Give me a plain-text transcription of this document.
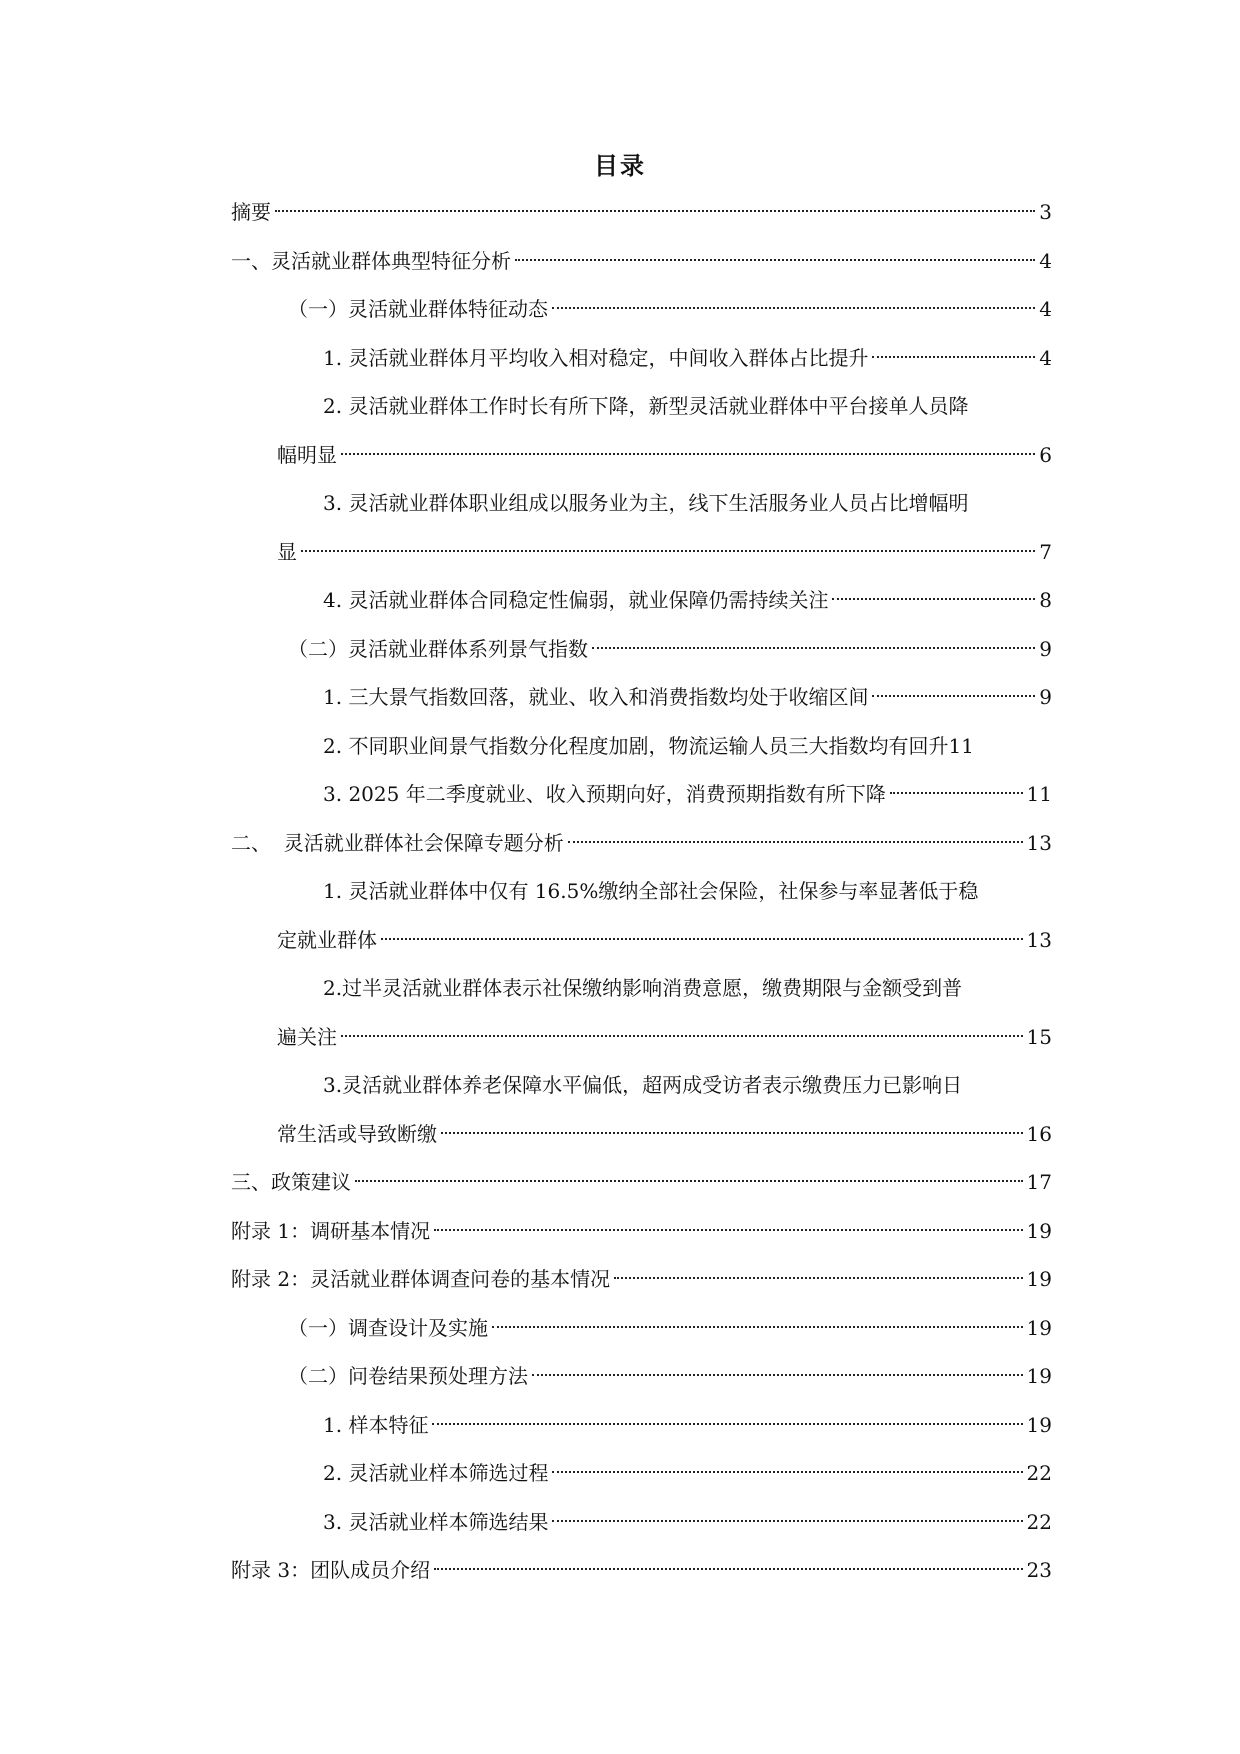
目录
摘要	3
一、灵活就业群体典型特征分析	4
（一）灵活就业群体特征动态	4
1. 灵活就业群体月平均收入相对稳定，中间收入群体占比提升	4
2. 灵活就业群体工作时长有所下降，新型灵活就业群体中平台接单人员降
幅明显	6
3. 灵活就业群体职业组成以服务业为主，线下生活服务业人员占比增幅明
显	7
4. 灵活就业群体合同稳定性偏弱，就业保障仍需持续关注	8
（二）灵活就业群体系列景气指数	9
1. 三大景气指数回落，就业、收入和消费指数均处于收缩区间	9
2. 不同职业间景气指数分化程度加剧，物流运输人员三大指数均有回升 11
3. 2025 年二季度就业、收入预期向好，消费预期指数有所下降	11
二、  灵活就业群体社会保障专题分析	13
1. 灵活就业群体中仅有 16.5%缴纳全部社会保险，社保参与率显著低于稳
定就业群体	13
2.过半灵活就业群体表示社保缴纳影响消费意愿，缴费期限与金额受到普
遍关注	15
3.灵活就业群体养老保障水平偏低，超两成受访者表示缴费压力已影响日
常生活或导致断缴	16
三、政策建议	17
附录 1：调研基本情况	19
附录 2：灵活就业群体调查问卷的基本情况	19
（一）调查设计及实施	19
（二）问卷结果预处理方法	19
1. 样本特征	19
2. 灵活就业样本筛选过程	22
3. 灵活就业样本筛选结果	22
附录 3：团队成员介绍	23
